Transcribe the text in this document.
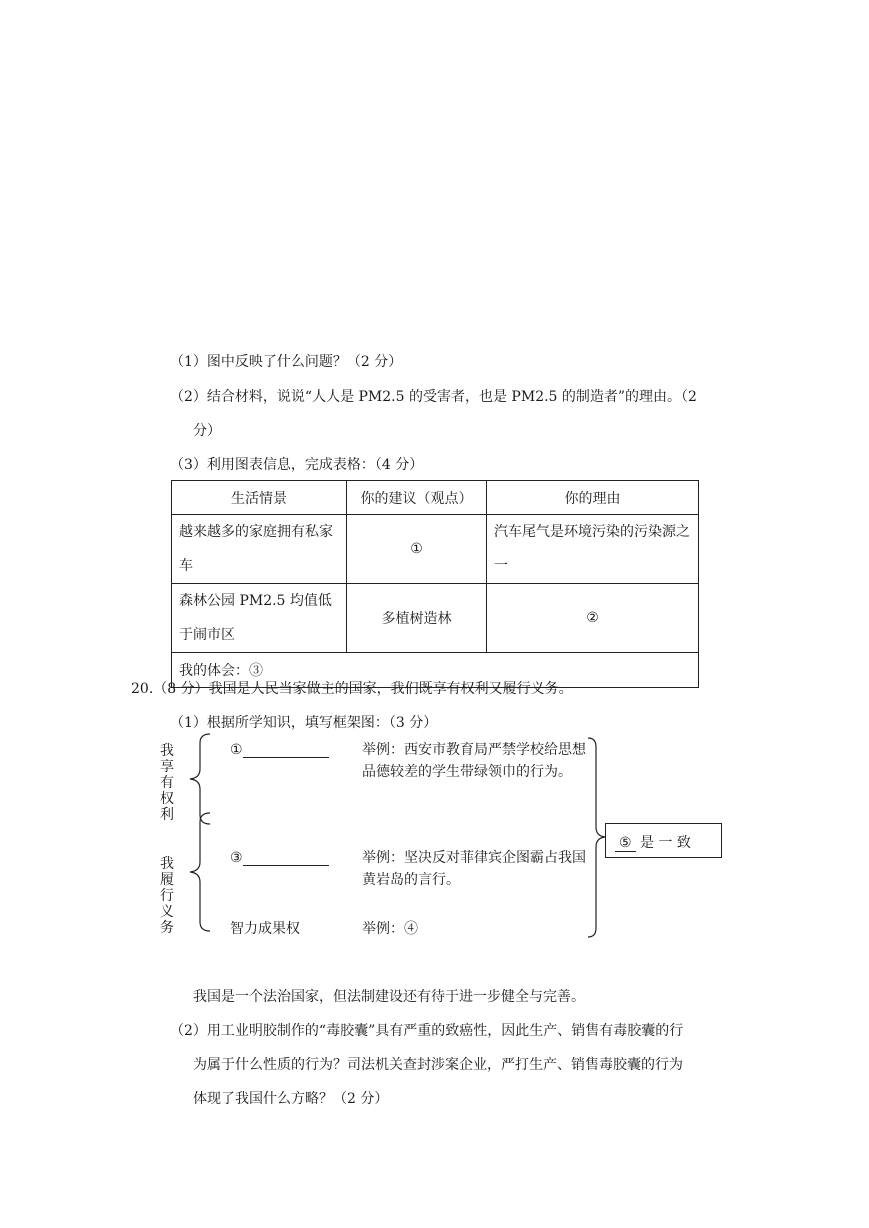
（1）图中反映了什么问题？（2 分）
（2）结合材料，说说“人人是 PM2.5 的受害者，也是 PM2.5 的制造者”的理由。（2
分）
（3）利用图表信息，完成表格：（4 分）
生活情景	你的建议（观点）	你的理由
越来越多的家庭拥有私家车	①	汽车尾气是环境污染的污染源之一
森林公园 PM2.5 均值低于闹市区	多植树造林	②
我的体会：③		
20.（8 分）我国是人民当家做主的国家，我们既享有权利又履行义务。
（1）根据所学知识，填写框架图：（3 分）
我享有权利
我履行义务
①	举例：西安市教育局严禁学校给思想品德较差的学生带绿领巾的行为。
③	举例：坚决反对菲律宾企图霸占我国黄岩岛的言行。
智力成果权	举例：④
⑤ 是 一 致
我国是一个法治国家，但法制建设还有待于进一步健全与完善。
（2）用工业明胶制作的“毒胶囊”具有严重的致癌性，因此生产、销售有毒胶囊的行
为属于什么性质的行为？司法机关查封涉案企业，严打生产、销售毒胶囊的行为
体现了我国什么方略？（2 分）
